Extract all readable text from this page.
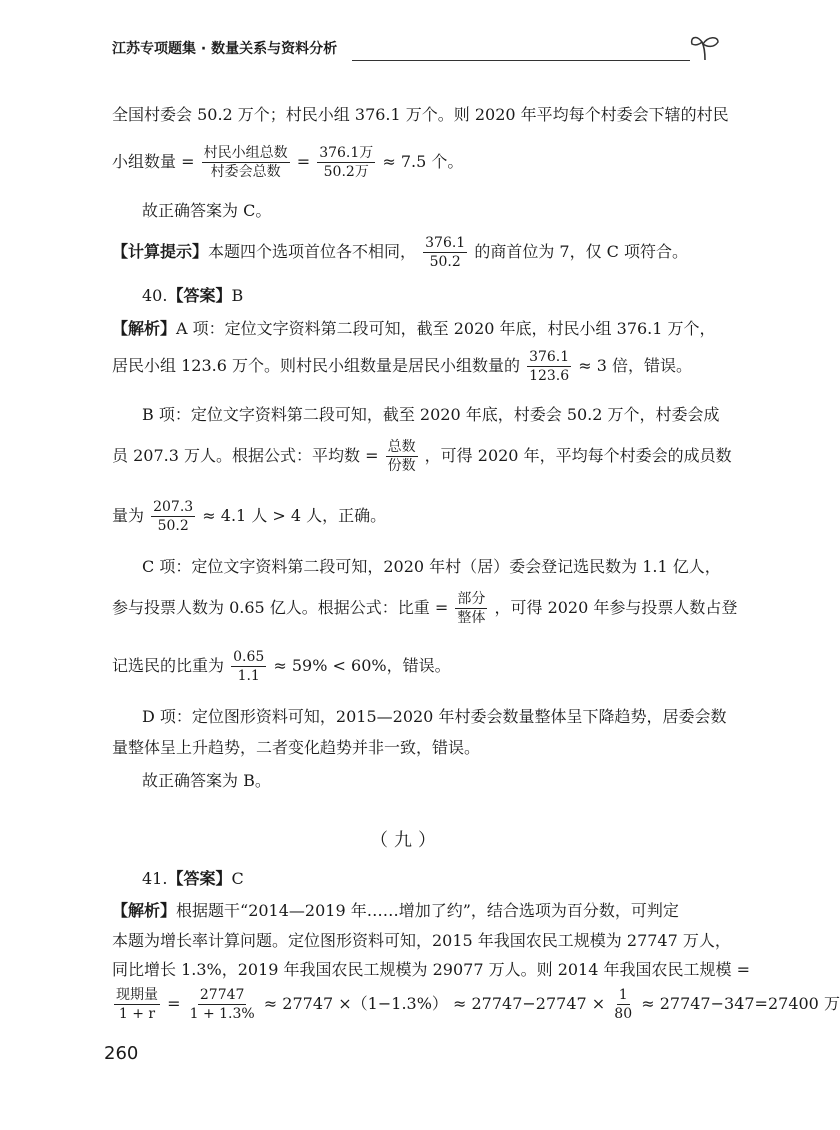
江苏专项题集 · 数量关系与资料分析
全国村委会 50.2 万个；村民小组 376.1 万个。则 2020 年平均每个村委会下辖的村民
小组数量 = $\frac{\text{村民小组总数}}{\text{村委会总数}} = \frac{\text{376.1万}}{\text{50.2万}} \approx 7.5$ 个。
故正确答案为 C。
【计算提示】本题四个选项首位各不相同， $\frac{376.1}{50.2}$ 的商首位为 7，仅 C 项符合。
40.【答案】B
【解析】A 项：定位文字资料第二段可知，截至 2020 年底，村民小组 376.1 万个，
居民小组 123.6 万个。则村民小组数量是居民小组数量的 $\frac{376.1}{123.6} \approx 3$ 倍，错误。
B 项：定位文字资料第二段可知，截至 2020 年底，村委会 50.2 万个，村委会成
员 207.3 万人。根据公式：平均数 = $\frac{\text{总数}}{\text{份数}}$ ，可得 2020 年，平均每个村委会的成员数
量为 $\frac{207.3}{50.2} \approx 4.1$ 人 > 4 人，正确。
C 项：定位文字资料第二段可知，2020 年村（居）委会登记选民数为 1.1 亿人，
参与投票人数为 0.65 亿人。根据公式：比重 = $\frac{\text{部分}}{\text{整体}}$ ，可得 2020 年参与投票人数占登
记选民的比重为 $\frac{0.65}{1.1} \approx 59\% < 60\%$，错误。
D 项：定位图形资料可知，2015—2020 年村委会数量整体呈下降趋势，居委会数
量整体呈上升趋势，二者变化趋势并非一致，错误。
故正确答案为 B。
（九）
41.【答案】C
【解析】根据题干“2014—2019 年……增加了约”，结合选项为百分数，可判定
本题为增长率计算问题。定位图形资料可知，2015 年我国农民工规模为 27747 万人，
同比增长 1.3%，2019 年我国农民工规模为 29077 万人。则 2014 年我国农民工规模 =
$\frac{\text{现期量}}{1 + r} = \frac{27747}{1 + 1.3\%} \approx 27747 \times(1-1.3\%) \approx 27747-27747 \times \frac{1}{80} \approx 27747-347=27400$ 万
260
